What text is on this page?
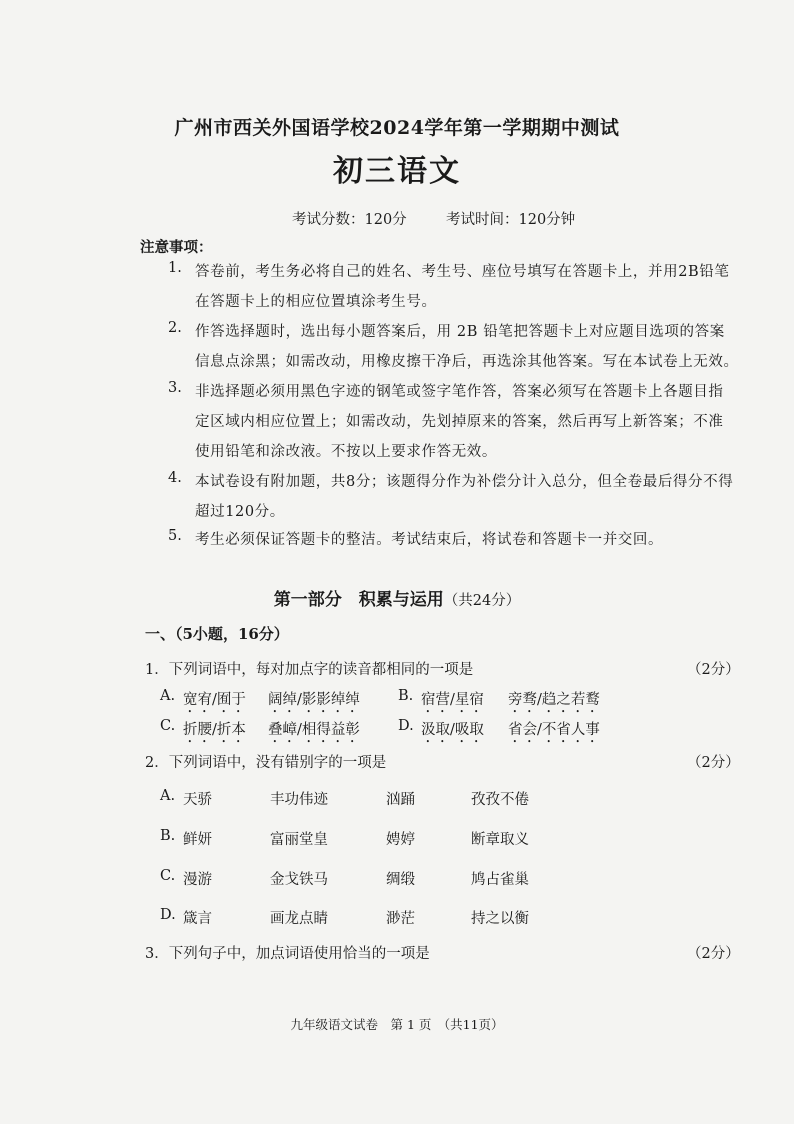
广州市西关外国语学校2024学年第一学期期中测试
初三语文
考试分数：120分	考试时间：120分钟
注意事项：
1. 答卷前，考生务必将自己的姓名、考生号、座位号填写在答题卡上，并用2B铅笔
在答题卡上的相应位置填涂考生号。
2. 作答选择题时，选出每小题答案后，用 2B 铅笔把答题卡上对应题目选项的答案
信息点涂黑；如需改动，用橡皮擦干净后，再选涂其他答案。写在本试卷上无效。
3. 非选择题必须用黑色字迹的钢笔或签字笔作答，答案必须写在答题卡上各题目指
定区域内相应位置上；如需改动，先划掉原来的答案，然后再写上新答案；不准
使用铅笔和涂改液。不按以上要求作答无效。
4. 本试卷设有附加题，共8分；该题得分作为补偿分计入总分，但全卷最后得分不得
超过120分。
5. 考生必须保证答题卡的整洁。考试结束后，将试卷和答题卡一并交回。
第一部分　积累与运用（共24分）
一、（5小题，16分）
1．下列词语中，每对加点字的读音都相同的一项是	（2分）
A. 宽宥/囿于 阔绰/影影绰绰	B. 宿营/星宿 旁骛/趋之若鹜
C. 折腰/折本 叠嶂/相得益彰	D. 汲取/吸取 省会/不省人事
2．下列词语中，没有错别字的一项是	（2分）
A. 天骄	丰功伟迹	汹踊	孜孜不倦
B. 鲜妍	富丽堂皇	娉婷	断章取义
C. 漫游	金戈铁马	绸缎	鸠占雀巢
D. 箴言	画龙点睛	渺茫	持之以衡
3．下列句子中，加点词语使用恰当的一项是	（2分）
九年级语文试卷　第 1 页　（共11页）
